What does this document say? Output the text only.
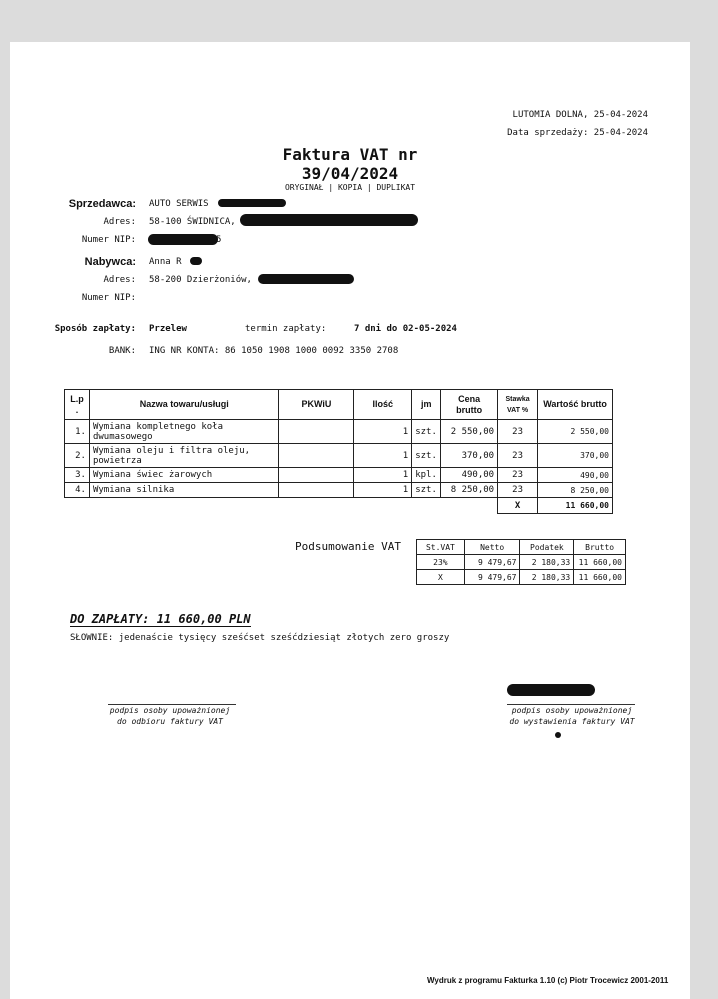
LUTOMIA DOLNA, 25-04-2024
Data sprzedaży: 25-04-2024
Faktura VAT nr
39/04/2024
ORYGINAŁ | KOPIA | DUPLIKAT
Sprzedawca: AUTO SERWIS
Adres: 58-100 ŚWIDNICA,
Numer NIP:	5
Nabywca: Anna R
Adres: 58-200 Dzierżoniów,
Numer NIP:
Sposób zapłaty: Przelew	termin zapłaty:	7 dni do 02-05-2024
BANK: ING NR KONTA: 86 1050 1908 1000 0092 3350 2708
L.p .	Nazwa towaru/usługi	PKWiU	Ilość	jm	Cena brutto	Stawka VAT %	Wartość brutto
1.	Wymiana kompletnego koła dwumasowego		1	szt.	2 550,00	23	2 550,00
2.	Wymiana oleju i filtra oleju, powietrza		1	szt.	370,00	23	370,00
3.	Wymiana świec żarowych		1	kpl.	490,00	23	490,00
4.	Wymiana silnika		1	szt.	8 250,00	23	8 250,00
						X	11 660,00
Podsumowanie VAT	St.VAT	Netto	Podatek	Brutto
23%	9 479,67	2 180,33	11 660,00
X	9 479,67	2 180,33	11 660,00
DO ZAPŁATY: 11 660,00 PLN
SŁOWNIE: jedenaście tysięcy sześćset sześćdziesiąt złotych zero groszy
podpis osoby upoważnionej
do odbioru faktury VAT
podpis osoby upoważnionej
do wystawienia faktury VAT
Wydruk z programu Fakturka 1.10 (c) Piotr Trocewicz 2001-2011
otomoto
